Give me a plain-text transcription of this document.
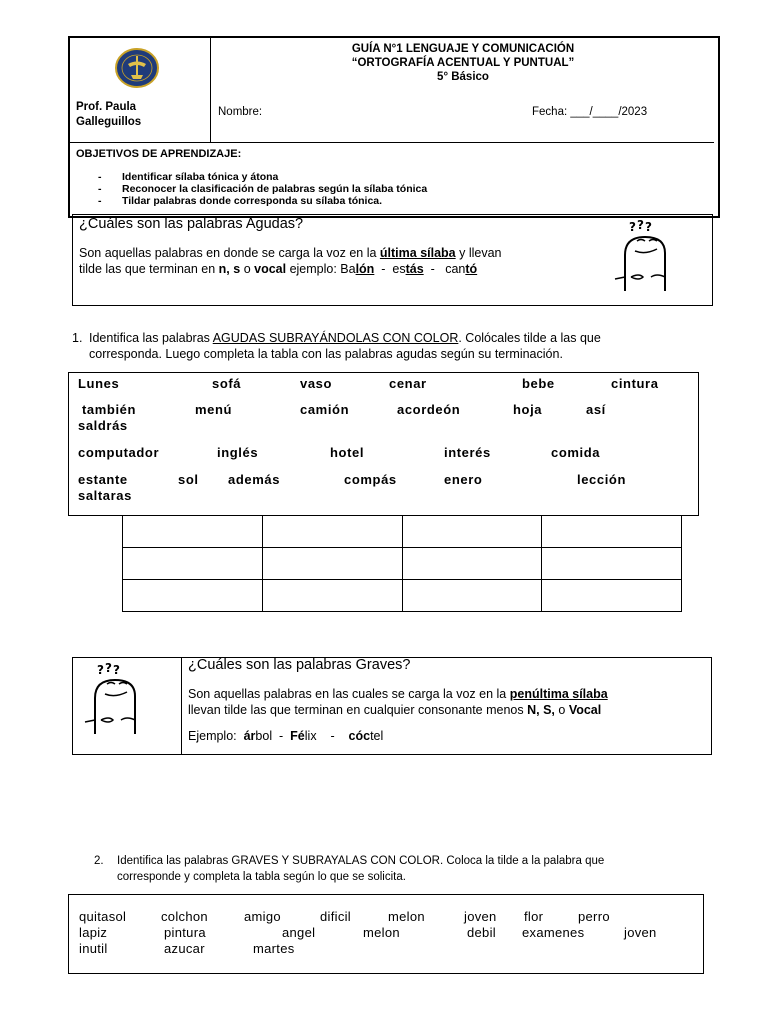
GUÍA N°1 LENGUAJE Y COMUNICACIÓN
“ORTOGRAFÍA ACENTUAL Y PUNTUAL”
5° Básico
Prof. Paula
Galleguillos
Nombre:	Fecha: ___/____/2023
OBJETIVOS DE APRENDIZAJE:
- Identificar sílaba tónica y átona
- Reconocer la clasificación de palabras según la sílaba tónica
- Tildar palabras donde corresponda su sílaba tónica.
¿Cuáles son las palabras Agudas?
Son aquellas palabras en donde se carga la voz en la última sílaba y llevan
tilde las que terminan en n, s o vocal ejemplo: Balón  -  estás  -   cantó
? ? ?
1. Identifica las palabras AGUDAS SUBRAYÁNDOLAS CON COLOR. Colócales tilde a las que
corresponda. Luego completa la tabla con las palabras agudas según su terminación.
Lunes	sofá	vaso	cenar	bebe	cintura
también	menú	camión	acordeón	hoja	así
saldrás
computador	inglés	hotel	interés	comida
estante	sol además	compás	enero	lección
saltaras

? ? ?	¿Cuáles son las palabras Graves?
Son aquellas palabras en las cuales se carga la voz en la penúltima sílaba
llevan tilde las que terminan en cualquier consonante menos N, S, o Vocal
Ejemplo:  árbol  -  Félix    -    cóctel
2. Identifica las palabras GRAVES Y SUBRAYALAS CON COLOR. Coloca la tilde a la palabra que
corresponde y completa la tabla según lo que se solicita.
quitasol	colchon	amigo	dificil	melon	joven flor	perro
lapiz	pintura	angel	melon	debil examenes	joven
inutil	azucar	martes
